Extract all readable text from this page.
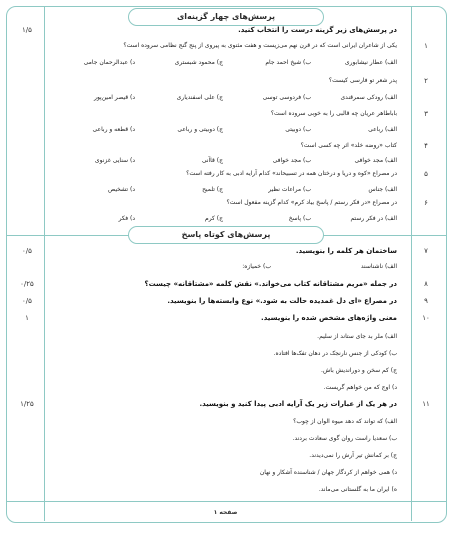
پرسش‌های چهار گزینه‌ای
۱/۵	در پرسش‌های زیر گزینه درست را انتخاب کنید.
۱
یکی از شاعران ایرانی است که در قرن نهم می‌زیست و هفت مثنوی به پیروی از پنج گنج نظامی سروده است؟
الف) عطار نیشابوری
ب) شیخ احمد جام
ج) محمود شبستری
د) عبدالرحمان جامی
۲
پدر شعر تو فارسی کیست؟
الف) رودکی سمرقندی
ب) فردوسی توسی
ج) علی اسفندیاری
د) قیصر امین‌پور
۳
باباطاهر عریان چه قالبی را به خوبی سروده است؟
الف) رباعی
ب) دوبیتی
ج) دوبیتی و رباعی
د) قطعه و رباعی
۴
کتاب «روضه خلد» اثر چه کسی است؟
الف) مجد خوافی
ب) مجد خوافی
ج) قاآنی
د) سنایی غزنوی
۵
در مصراع «کوه و دریا و درختان همه در تسبیحاند» کدام آرایه ادبی به کار رفته است؟
الف) جناس
ب) مراعات نظیر
ج) تلمیح
د) تشخیص
۶
در مصراع «در فکر رستم / پاسخ بیاد کرم» کدام گزینه مفعول است؟
الف) در فکر رستم
ب) پاسخ
ج) کرم
د) فکر
پرسش‌های کوتاه پاسخ
۷
۰/۵	ساختمان هر کلمه را بنویسید.
الف) ناشناسند
ب) خمیازه:
۸
۰/۲۵	در جمله «مریم مشتاقانه کتاب می‌خواند.» نقش کلمه «مشتاقانه» چیست؟
۹
۰/۵	در مصراع «ای دل غمدیده حالت به شود.» نوع وابسته‌ها را بنویسید.
۱۰
۱	معنی واژه‌های مشخص شده را بنویسید.
الف) ملر بد جای ستاند از سلیم.
ب) کودکی از جنس نارنجک در دهان تفک‌ها افتاده.
ج) کم سخن و دوراندیش باش.
د) اوج که من خواهم گریست.
۱۱
۱/۲۵	در هر یک از عبارات زیر یک آرایه ادبی پیدا کنید و بنویسید.
الف) که تواند که دهد میوه الوان از چوب؟
ب) سعدیا راست روان گوی سعادت بردند.
ج) بر کمانش تیر آرش را نمی‌دیدند.
د) همی خواهم از کردگار جهان / شناسنده آشکار و نهان
ه) ایران ما به گلستانی می‌ماند.
صفحه ۱
